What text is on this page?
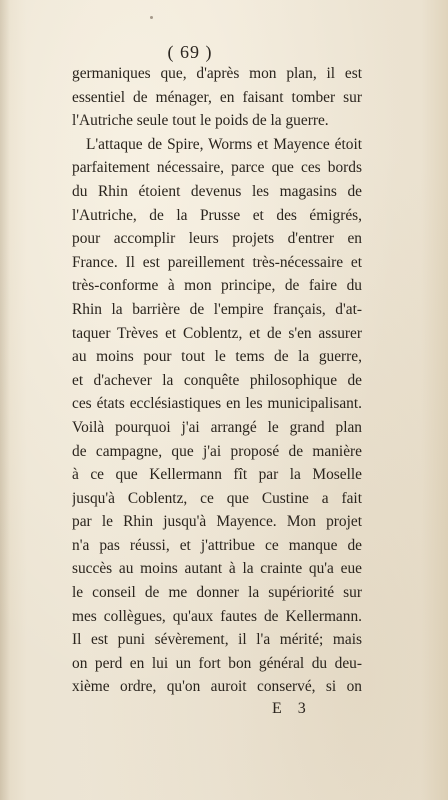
( 69 )
germaniques que, d'après mon plan, il est
essentiel de ménager, en faisant tomber sur
l'Autriche seule tout le poids de la guerre.
L'attaque de Spire, Worms et Mayence étoit
parfaitement nécessaire, parce que ces bords
du Rhin étoient devenus les magasins de
l'Autriche, de la Prusse et des émigrés,
pour accomplir leurs projets d'entrer en
France. Il est pareillement très-nécessaire et
très-conforme à mon principe, de faire du
Rhin la barrière de l'empire français, d'at-
taquer Trèves et Coblentz, et de s'en assurer
au moins pour tout le tems de la guerre,
et d'achever la conquête philosophique de
ces états ecclésiastiques en les municipalisant.
Voilà pourquoi j'ai arrangé le grand plan
de campagne, que j'ai proposé de manière
à ce que Kellermann fît par la Moselle
jusqu'à Coblentz, ce que Custine a fait
par le Rhin jusqu'à Mayence. Mon projet
n'a pas réussi, et j'attribue ce manque de
succès au moins autant à la crainte qu'a eue
le conseil de me donner la supériorité sur
mes collègues, qu'aux fautes de Kellermann.
Il est puni sévèrement, il l'a mérité; mais
on perd en lui un fort bon général du deu-
xième ordre, qu'on auroit conservé, si on
E 3
